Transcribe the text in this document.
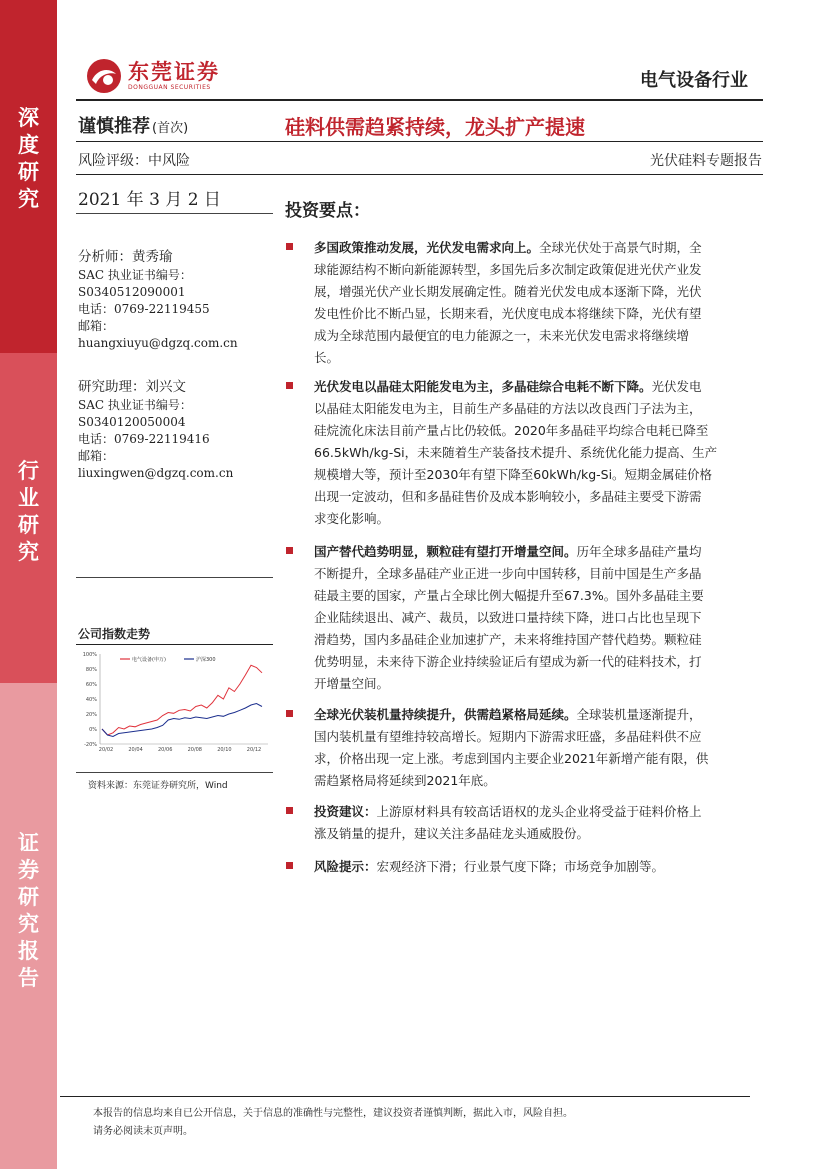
深
度
研
究
行
业
研
究
证
券
研
究
报
告
东莞证券
DONGGUAN SECURITIES	电气设备行业
谨慎推荐 (首次)	硅料供需趋紧持续，龙头扩产提速
风险评级：中风险	光伏硅料专题报告
2021 年 3 月 2 日
投资要点：
分析师：黄秀瑜
SAC 执业证书编号：
S0340512090001
电话：0769-22119455
邮箱：
huangxiuyu@dgzq.com.cn
研究助理：刘兴文
SAC 执业证书编号：
S0340120050004
电话：0769-22119416
邮箱：
liuxingwen@dgzq.com.cn
公司指数走势
100%
80%
60%
40%
20%
0%
-20%
20/02	20/04	20/06	20/08	20/10	20/12
电气设备(申万)	沪深300
资料来源：东莞证券研究所，Wind
多国政策推动发展，光伏发电需求向上。全球光伏处于高景气时期，全
球能源结构不断向新能源转型，多国先后多次制定政策促进光伏产业发
展，增强光伏产业长期发展确定性。随着光伏发电成本逐渐下降，光伏
发电性价比不断凸显，长期来看，光伏度电成本将继续下降，光伏有望
成为全球范围内最便宜的电力能源之一，未来光伏发电需求将继续增
长。
光伏发电以晶硅太阳能发电为主，多晶硅综合电耗不断下降。光伏发电
以晶硅太阳能发电为主，目前生产多晶硅的方法以改良西门子法为主，
硅烷流化床法目前产量占比仍较低。2020年多晶硅平均综合电耗已降至
66.5kWh/kg-Si，未来随着生产装备技术提升、系统优化能力提高、生产
规模增大等，预计至2030年有望下降至60kWh/kg-Si。短期金属硅价格
出现一定波动，但和多晶硅售价及成本影响较小，多晶硅主要受下游需
求变化影响。
国产替代趋势明显，颗粒硅有望打开增量空间。历年全球多晶硅产量均
不断提升，全球多晶硅产业正进一步向中国转移，目前中国是生产多晶
硅最主要的国家，产量占全球比例大幅提升至67.3%。国外多晶硅主要
企业陆续退出、减产、裁员，以致进口量持续下降，进口占比也呈现下
滑趋势，国内多晶硅企业加速扩产，未来将维持国产替代趋势。颗粒硅
优势明显，未来待下游企业持续验证后有望成为新一代的硅料技术，打
开增量空间。
全球光伏装机量持续提升，供需趋紧格局延续。全球装机量逐渐提升，
国内装机量有望维持较高增长。短期内下游需求旺盛，多晶硅料供不应
求，价格出现一定上涨。考虑到国内主要企业2021年新增产能有限，供
需趋紧格局将延续到2021年底。
投资建议：上游原材料具有较高话语权的龙头企业将受益于硅料价格上
涨及销量的提升，建议关注多晶硅龙头通威股份。
风险提示：宏观经济下滑；行业景气度下降；市场竞争加剧等。
本报告的信息均来自已公开信息，关于信息的准确性与完整性，建议投资者谨慎判断，据此入市，风险自担。
请务必阅读末页声明。
